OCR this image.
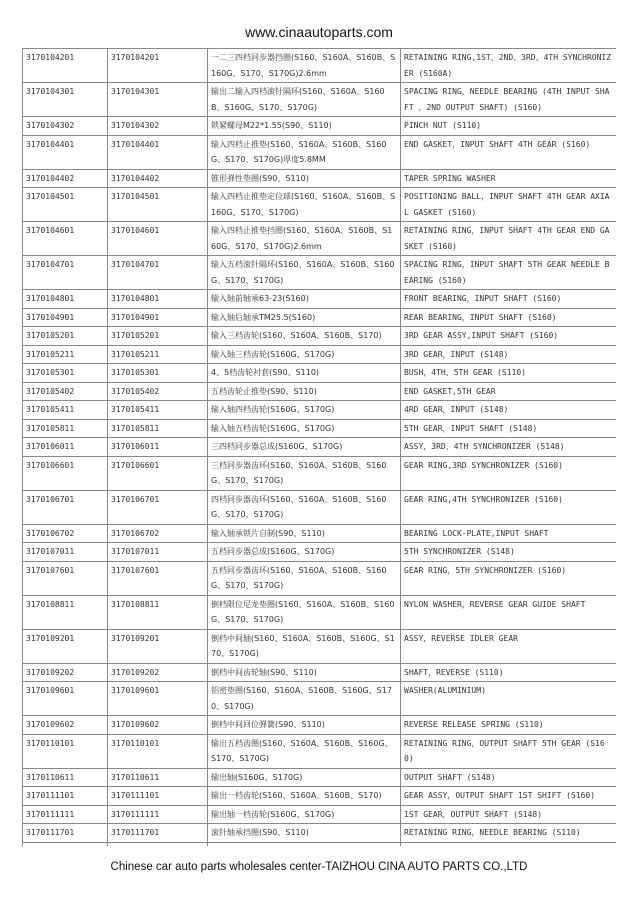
www.cinaautoparts.com
3170104201	3170104201	一二三四档同步器挡圈(S160、S160A、S160B、S160G、S170、S170G)2.6mm	RETAINING RING,1ST、2ND、3RD、4TH SYNCHRONIZER (S160A)
3170104301	3170104301	输出二输入四档滚针隔环(S160、S160A、S160B、S160G、S170、S170G)	SPACING RING，NEEDLE BEARING (4TH INPUT SHAFT ，2ND OUTPUT SHAFT) (S160)
3170104302	3170104302	锁紧螺母M22*1.55(S90、S110)	PINCH NUT (S110)
3170104401	3170104401	输入四档止推垫(S160、S160A、S160B、S160G、S170、S170G)厚度5.8MM	END GASKET，INPUT SHAFT 4TH GEAR (S160)
3170104402	3170104402	锥形弹性垫圈(S90、S110)	TAPER SPRING WASHER
3170104501	3170104501	输入四档止推垫定位球(S160、S160A、S160B、S160G、S170、S170G)	POSITIONING BALL，INPUT SHAFT 4TH GEAR AXIAL GASKET (S160)
3170104601	3170104601	输入四档止推垫挡圈(S160、S160A、S160B、S160G、S170、S170G)2.6mm	RETAINING RING，INPUT SHAFT 4TH GEAR END GASKET (S160)
3170104701	3170104701	输入五档滚针隔环(S160、S160A、S160B、S160G、S170、S170G)	SPACING RING，INPUT SHAFT 5TH GEAR NEEDLE BEARING (S160)
3170104801	3170104801	输入轴前轴承63-23(S160)	FRONT BEARING，INPUT SHAFT (S160)
3170104901	3170104901	输入轴后轴承TM25.5(S160)	REAR BEARING，INPUT SHAFT (S160)
3170105201	3170105201	输入三档齿轮(S160、S160A、S160B、S170)	3RD GEAR ASSY,INPUT SHAFT (S160)
3170105211	3170105211	输入轴三档齿轮(S160G、S170G)	3RD GEAR，INPUT (S148)
3170105301	3170105301	4、5档齿轮衬套(S90、S110)	BUSH，4TH、5TH GEAR (S110)
3170105402	3170105402	五档齿轮止推垫(S90、S110)	END GASKET,5TH GEAR
3170105411	3170105411	输入轴四档齿轮(S160G、S170G)	4RD GEAR，INPUT (S148)
3170105811	3170105811	输入轴五档齿轮(S160G、S170G)	5TH GEAR，INPUT SHAFT (S148)
3170106011	3170106011	三四档同步器总成(S160G、S170G)	ASSY，3RD、4TH SYNCHRONIZER (S148)
3170106601	3170106601	三档同步器齿环(S160、S160A、S160B、S160G、S170、S170G)	GEAR RING,3RD SYNCHRONIZER (S160)
3170106701	3170106701	四档同步器齿环(S160、S160A、S160B、S160G、S170、S170G)	GEAR RING,4TH SYNCHRONIZER (S160)
3170106702	3170106702	输入轴承锁片自制(S90、S110)	BEARING LOCK-PLATE,INPUT SHAFT
3170107011	3170107011	五档同步器总成(S160G、S170G)	5TH SYNCHRONIZER (S148)
3170107601	3170107601	五档同步器齿环(S160、S160A、S160B、S160G、S170、S170G)	GEAR RING，5TH SYNCHRONIZER (S160)
3170108811	3170108811	倒档限位尼龙垫圈(S160、S160A、S160B、S160G、S170、S170G)	NYLON WASHER，REVERSE GEAR GUIDE SHAFT
3170109201	3170109201	倒档中间轴(S160、S160A、S160B、S160G、S170、S170G)	ASSY，REVERSE IDLER GEAR
3170109202	3170109202	倒档中间齿轮轴(S90、S110)	SHAFT，REVERSE (S110)
3170109601	3170109601	铝密垫圈(S160、S160A、S160B、S160G、S170、S170G)	WASHER(ALUMINIUM)
3170109602	3170109602	倒档中间回位弹簧(S90、S110)	REVERSE RELEASE SPRING (S110)
3170110101	3170110101	输出五档齿圈(S160、S160A、S160B、S160G、S170、S170G)	RETAINING RING，OUTPUT SHAFT 5TH GEAR (S160)
3170110611	3170110611	输出轴(S160G、S170G)	OUTPUT SHAFT (S148)
3170111101	3170111101	输出一档齿轮(S160、S160A、S160B、S170)	GEAR ASSY，OUTPUT SHAFT 1ST SHIFT (S160)
3170111111	3170111111	输出轴一档齿轮(S160G、S170G)	1ST GEAR，OUTPUT SHAFT (S148)
3170111701	3170111701	滚针轴承挡圈(S90、S110)	RETAINING RING，NEEDLE BEARING (S110)

Chinese car auto parts wholesales center-TAIZHOU CINA AUTO PARTS CO.,LTD
